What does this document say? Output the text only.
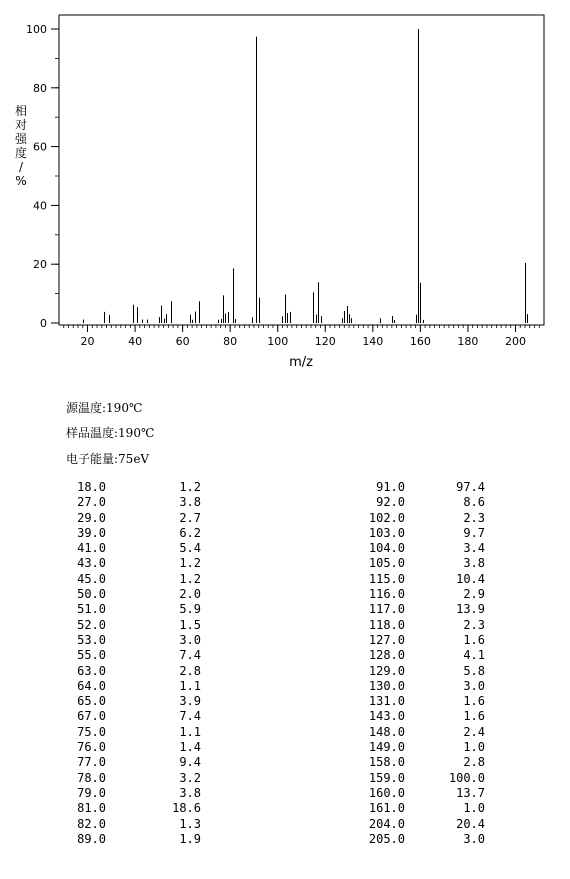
20	40	60	80	100 120 140 160 180 200
0
20
40
60
80
100
m/z
相对强度/ %
源温度:190℃
样品温度:190℃
电子能量:75eV
18.0	1.2
27.0	3.8
29.0	2.7
39.0	6.2
41.0	5.4
43.0	1.2
45.0	1.2
50.0	2.0
51.0	5.9
52.0	1.5
53.0	3.0
55.0	7.4
63.0	2.8
64.0	1.1
65.0	3.9
67.0	7.4
75.0	1.1
76.0	1.4
77.0	9.4
78.0	3.2
79.0	3.8
81.0	18.6
82.0	1.3
89.0	1.9
91.0	97.4
92.0	8.6
102.0	2.3
103.0	9.7
104.0	3.4
105.0	3.8
115.0	10.4
116.0	2.9
117.0	13.9
118.0	2.3
127.0	1.6
128.0	4.1
129.0	5.8
130.0	3.0
131.0	1.6
143.0	1.6
148.0	2.4
149.0	1.0
158.0	2.8
159.0	100.0
160.0	13.7
161.0	1.0
204.0	20.4
205.0	3.0
